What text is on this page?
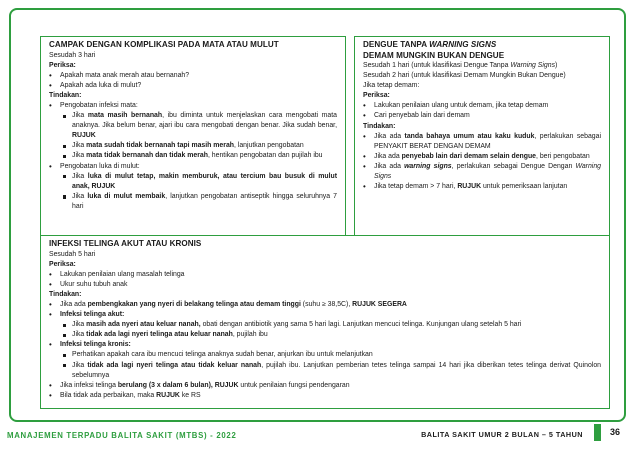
CAMPAK DENGAN KOMPLIKASI PADA MATA ATAU MULUT

Sesudah 3 hari

Periksa:

• Apakah mata anak merah atau bernanah?
• Apakah ada luka di mulut?

Tindakan:

• Pengobatan infeksi mata:
Jika mata masih bernanah, ibu diminta untuk menjelaskan cara mengobati mata anaknya. Jika belum benar, ajari ibu cara mengobati dengan benar. Jika sudah benar, RUJUK
Jika mata sudah tidak bernanah tapi masih merah, lanjutkan pengobatan
Jika mata tidak bernanah dan tidak merah, hentikan pengobatan dan pujilah ibu
• Pengobatan luka di mulut:
Jika luka di mulut tetap, makin memburuk, atau tercium bau busuk di mulut anak, RUJUK
Jika luka di mulut membaik, lanjutkan pengobatan antiseptik hingga seluruhnya 7 hari

DENGUE TANPA WARNING SIGNS

DEMAM MUNGKIN BUKAN DENGUE

Sesudah 1 hari (untuk klasifikasi Dengue Tanpa Warning Signs)

Sesudah 2 hari (untuk klasifikasi Demam Mungkin Bukan Dengue)

Jika tetap demam:

Periksa:

• Lakukan penilaian ulang untuk demam, jika tetap demam
• Cari penyebab lain dari demam

Tindakan:

• Jika ada tanda bahaya umum atau kaku kuduk, perlakukan sebagai PENYAKIT BERAT DENGAN DEMAM
• Jika ada penyebab lain dari demam selain dengue, beri pengobatan
• Jika ada warning signs, perlakukan sebagai Dengue Dengan Warning Signs
• Jika tetap demam > 7 hari, RUJUK untuk pemeriksaan lanjutan

INFEKSI TELINGA AKUT ATAU KRONIS

Sesudah 5 hari

Periksa:

• Lakukan penilaian ulang masalah telinga
• Ukur suhu tubuh anak

Tindakan:

• Jika ada pembengkakan yang nyeri di belakang telinga atau demam tinggi (suhu ≥ 38,5C), RUJUK SEGERA
• Infeksi telinga akut:
Jika masih ada nyeri atau keluar nanah, obati dengan antibiotik yang sama 5 hari lagi. Lanjutkan mencuci telinga. Kunjungan ulang setelah 5 hari
Jika tidak ada lagi nyeri telinga atau keluar nanah, pujilah ibu
• Infeksi telinga kronis:
Perhatikan apakah cara ibu mencuci telinga anaknya sudah benar, anjurkan ibu untuk melanjutkan
Jika tidak ada lagi nyeri telinga atau tidak keluar nanah, pujilah ibu. Lanjutkan pemberian tetes telinga sampai 14 hari jika diberikan tetes telinga derivat Quinolon sebelumnya
• Jika infeksi telinga berulang (3 x dalam 6 bulan), RUJUK untuk penilaian fungsi pendengaran
• Bila tidak ada perbaikan, maka RUJUK ke RS
MANAJEMEN TERPADU BALITA SAKIT (MTBS) - 2022	BALITA SAKIT UMUR 2 BULAN – 5 TAHUN	36
